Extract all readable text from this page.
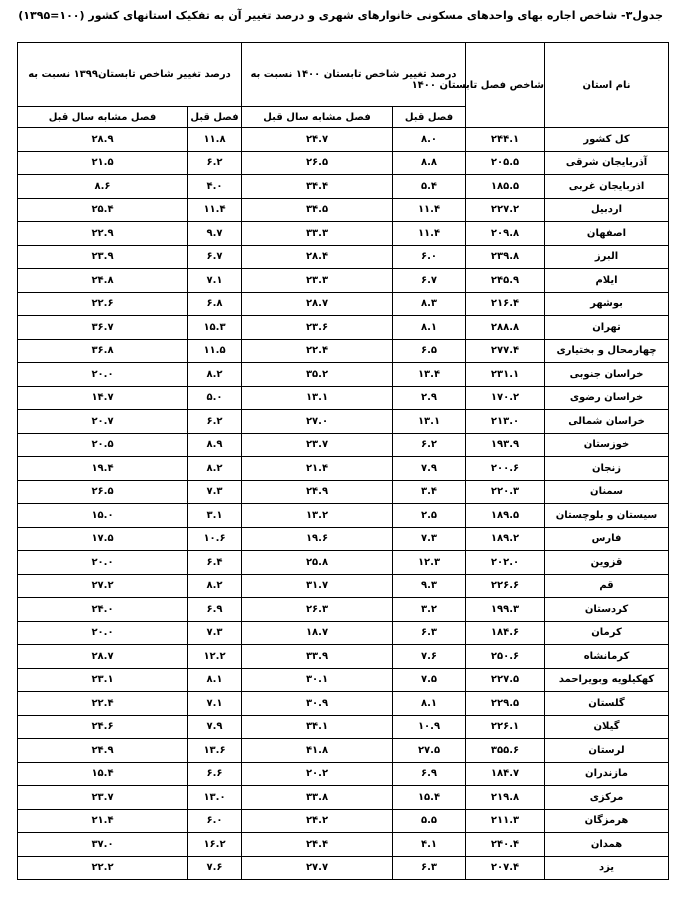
جدول۳- شاخص اجاره بهای واحدهای مسکونی خانوارهای شهری و درصد تغییر آن به تفکیک استانهای کشور (۱۰۰=۱۳۹۵)
نام استان	شاخص فصل تابستان ۱۴۰۰	درصد تغییر شاخص تابستان ۱۴۰۰ نسبت به		درصد تغییر شاخص تابستان۱۳۹۹ نسبت به	
		فصل قبل	فصل مشابه سال قبل	فصل قبل	فصل مشابه سال قبل
کل کشور	۲۴۴.۱	۸.۰	۲۴.۷	۱۱.۸	۲۸.۹
آذربایجان شرقی	۲۰۵.۵	۸.۸	۲۶.۵	۶.۲	۲۱.۵
اذربایجان غربی	۱۸۵.۵	۵.۴	۳۴.۴	۴.۰	۸.۶
اردبیل	۲۲۷.۲	۱۱.۴	۳۴.۵	۱۱.۴	۲۵.۴
اصفهان	۲۰۹.۸	۱۱.۴	۳۳.۳	۹.۷	۲۲.۹
البرز	۲۳۹.۸	۶.۰	۲۸.۴	۶.۷	۲۳.۹
ایلام	۲۴۵.۹	۶.۷	۲۳.۳	۷.۱	۲۴.۸
بوشهر	۲۱۶.۴	۸.۳	۲۸.۷	۶.۸	۲۲.۶
تهران	۲۸۸.۸	۸.۱	۲۳.۶	۱۵.۳	۳۶.۷
چهارمحال و بختیاری	۲۷۷.۴	۶.۵	۲۲.۴	۱۱.۵	۳۶.۸
خراسان جنوبی	۲۳۱.۱	۱۳.۴	۳۵.۲	۸.۲	۲۰.۰
خراسان رضوی	۱۷۰.۲	۲.۹	۱۳.۱	۵.۰	۱۴.۷
خراسان شمالی	۲۱۳.۰	۱۳.۱	۲۷.۰	۶.۲	۲۰.۷
خوزستان	۱۹۳.۹	۶.۲	۲۳.۷	۸.۹	۲۰.۵
زنجان	۲۰۰.۶	۷.۹	۲۱.۴	۸.۲	۱۹.۴
سمنان	۲۲۰.۳	۳.۴	۲۴.۹	۷.۳	۲۶.۵
سیستان و بلوچستان	۱۸۹.۵	۲.۵	۱۳.۲	۳.۱	۱۵.۰
فارس	۱۸۹.۲	۷.۳	۱۹.۶	۱۰.۶	۱۷.۵
قزوین	۲۰۲.۰	۱۲.۳	۲۵.۸	۶.۴	۲۰.۰
قم	۲۲۶.۶	۹.۳	۳۱.۷	۸.۲	۲۷.۲
کردستان	۱۹۹.۳	۳.۲	۲۶.۳	۶.۹	۲۴.۰
کرمان	۱۸۴.۶	۶.۳	۱۸.۷	۷.۳	۲۰.۰
کرمانشاه	۲۵۰.۶	۷.۶	۳۳.۹	۱۲.۲	۲۸.۷
کهکیلویه وبویراحمد	۲۲۷.۵	۷.۵	۳۰.۱	۸.۱	۲۳.۱
گلستان	۲۲۹.۵	۸.۱	۳۰.۹	۷.۱	۲۲.۴
گیلان	۲۲۶.۱	۱۰.۹	۳۴.۱	۷.۹	۲۴.۶
لرستان	۳۵۵.۶	۲۷.۵	۴۱.۸	۱۳.۶	۲۴.۹
مازندران	۱۸۴.۷	۶.۹	۲۰.۲	۶.۶	۱۵.۴
مرکزی	۲۱۹.۸	۱۵.۴	۳۳.۸	۱۳.۰	۲۳.۷
هرمزگان	۲۱۱.۳	۵.۵	۲۴.۲	۶.۰	۲۱.۴
همدان	۲۴۰.۴	۴.۱	۲۴.۴	۱۶.۲	۳۷.۰
یزد	۲۰۷.۴	۶.۳	۲۷.۷	۷.۶	۲۲.۲
